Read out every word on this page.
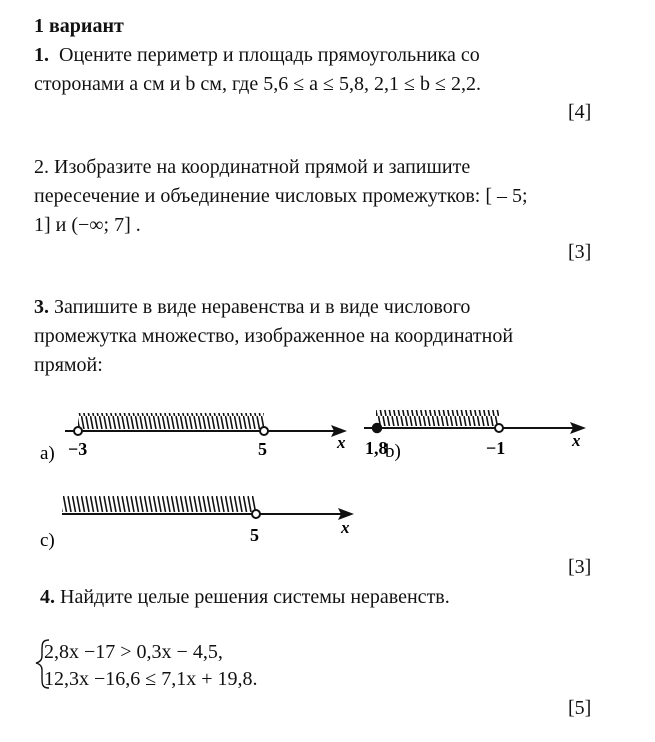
1 вариант
1. Оцените периметр и площадь прямоугольника со
сторонами a см и b см, где 5,6 ≤ a ≤ 5,8, 2,1 ≤ b ≤ 2,2.
[4]
2. Изобразите на координатной прямой и запишите
пересечение и объединение числовых промежутков: [ – 5;
1] и (−∞; 7] .
[3]
3. Запишите в виде неравенства и в виде числового
промежутка множество, изображенное на координатной
прямой:
а) −3	5	x 1,8
b)	−1	x
с)	5	x
[3]
4. Найдите целые решения системы неравенств.
2,8x −17 > 0,3x − 4,5,
12,3x −16,6 ≤ 7,1x + 19,8.
[5]
